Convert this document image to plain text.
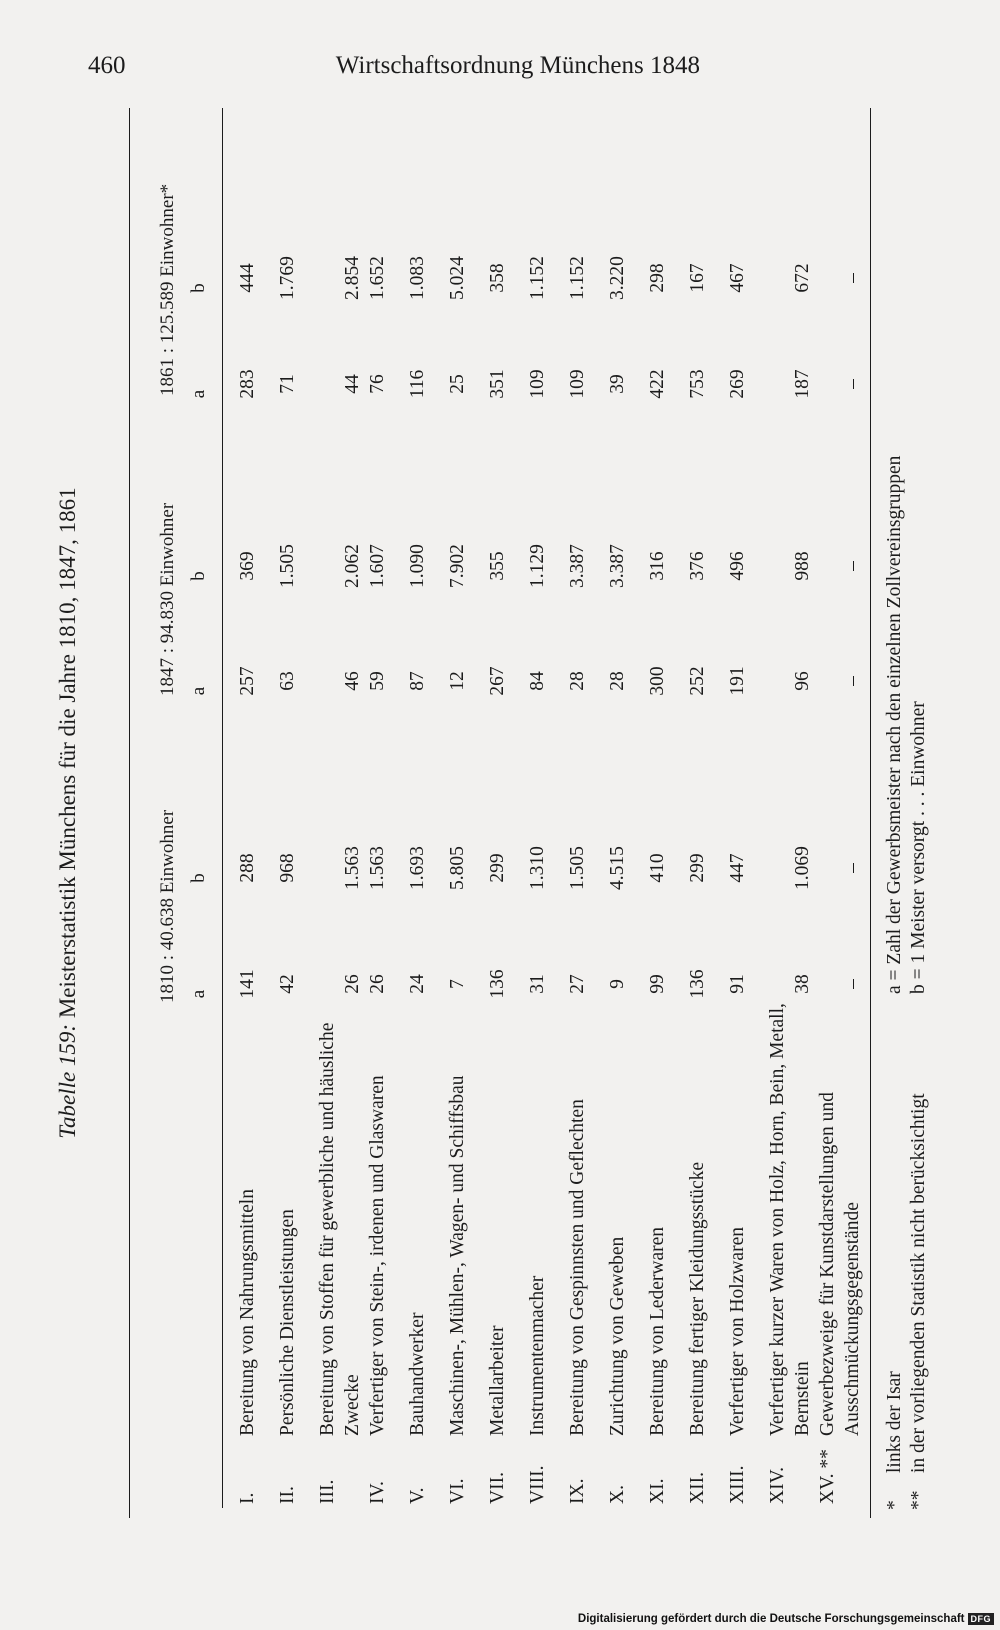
460	Wirtschaftsordnung Münchens 1848
Tabelle 159: Meisterstatistik Münchens für die Jahre 1810, 1847, 1861	1810 : 40.638 Einwohner
1847 : 94.830 Einwohner
1861 : 125.589 Einwohner*
a
b
a
b
a
b
I.
Bereitung von Nahrungsmitteln
141
288
257
369
283
444
II.
Persönliche Dienstleistungen
42
968
63
1.505
71
1.769
III.
Bereitung von Stoffen für gewerbliche und häusliche Zwecke
26
1.563
46
2.062
44
2.854
IV.
Verfertiger von Stein-, irdenen und Glaswaren
26
1.563
59
1.607
76
1.652
V.
Bauhandwerker
24
1.693
87
1.090
116
1.083
VI.
Maschinen-, Mühlen-, Wagen- und Schiffsbau
7
5.805
12
7.902
25
5.024
VII.
Metallarbeiter
136
299
267
355
351
358
VIII.
Instrumentenmacher
31
1.310
84
1.129
109
1.152
IX.
Bereitung von Gespinnsten und Geflechten
27
1.505
28
3.387
109
1.152
X.
Zurichtung von Geweben
9
4.515
28
3.387
39
3.220
XI.
Bereitung von Lederwaren
99
410
300
316
422
298
XII.
Bereitung fertiger Kleidungsstücke
136
299
252
376
753
167
XIII.
Verfertiger von Holzwaren
91
447
191
496
269
467
XIV.
Verfertiger kurzer Waren von Holz, Horn, Bein, Metall, Bernstein
38
1.069
96
988
187
672
XV. **
Gewerbezweige für Kunstdarstellungen und Ausschmückungsgegenstände
–
–
–
–
–
–
*
links der Isar
**
in der vorliegenden Statistik nicht berücksichtigt
a = Zahl der Gewerbsmeister nach den einzelnen Zollvereinsgruppen b = 1 Meister versorgt . . . Einwohner
Digitalisierung gefördert durch die Deutsche Forschungsgemeinschaft DFG
